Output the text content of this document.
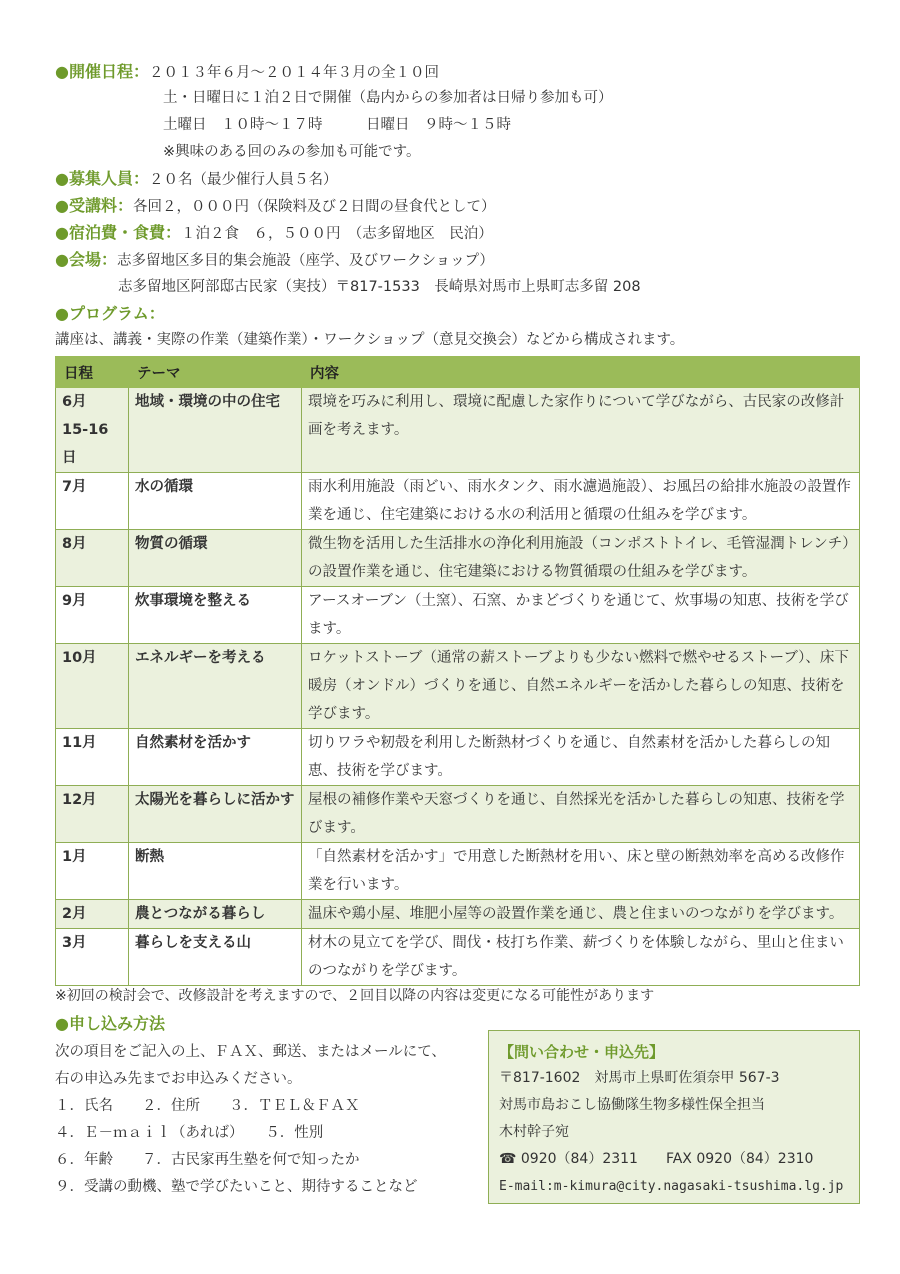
●開催日程：２０１３年６月～２０１４年３月の全１０回
土・日曜日に１泊２日で開催（島内からの参加者は日帰り参加も可）
土曜日　１０時～１７時　　　日曜日　９時～１５時
※興味のある回のみの参加も可能です。
●募集人員：２０名（最少催行人員５名）
●受講料：各回２，０００円（保険料及び２日間の昼食代として）
●宿泊費・食費：１泊２食　６，５００円　（志多留地区　民泊）
●会場：志多留地区多目的集会施設（座学、及びワークショップ）
志多留地区阿部邸古民家（実技）〒817-1533　長崎県対馬市上県町志多留 208
●プログラム：
講座は、講義・実際の作業（建築作業）・ワークショップ（意見交換会）などから構成されます。
日程	テーマ	内容
6月
15-16日	地域・環境の中の住宅	環境を巧みに利用し、環境に配慮した家作りについて学びながら、古民家の改修計画を考えます。
7月	水の循環	雨水利用施設（雨どい、雨水タンク、雨水濾過施設）、お風呂の給排水施設の設置作業を通じ、住宅建築における水の利活用と循環の仕組みを学びます。
8月	物質の循環	微生物を活用した生活排水の浄化利用施設（コンポストトイレ、毛管湿潤トレンチ）の設置作業を通じ、住宅建築における物質循環の仕組みを学びます。
9月	炊事環境を整える	アースオーブン（土窯）、石窯、かまどづくりを通じて、炊事場の知恵、技術を学びます。
10月	エネルギーを考える	ロケットストーブ（通常の薪ストーブよりも少ない燃料で燃やせるストーブ）、床下暖房（オンドル）づくりを通じ、自然エネルギーを活かした暮らしの知恵、技術を学びます。
11月	自然素材を活かす	切りワラや籾殻を利用した断熱材づくりを通じ、自然素材を活かした暮らしの知恵、技術を学びます。
12月	太陽光を暮らしに活かす	屋根の補修作業や天窓づくりを通じ、自然採光を活かした暮らしの知恵、技術を学びます。
1月	断熱	「自然素材を活かす」で用意した断熱材を用い、床と壁の断熱効率を高める改修作業を行います。
2月	農とつながる暮らし	温床や鶏小屋、堆肥小屋等の設置作業を通じ、農と住まいのつながりを学びます。
3月	暮らしを支える山	材木の見立てを学び、間伐・枝打ち作業、薪づくりを体験しながら、里山と住まいのつながりを学びます。
※初回の検討会で、改修設計を考えますので、２回目以降の内容は変更になる可能性があります
●申し込み方法
次の項目をご記入の上、ＦＡＸ、郵送、またはメールにて、
右の申込み先までお申込みください。
１．氏名　　２．住所　　３．ＴＥＬ＆ＦＡＸ
４．Ｅ－ｍａｉｌ（あれば）　　５．性別
６．年齢　　７．古民家再生塾を何で知ったか
９．受講の動機、塾で学びたいこと、期待することなど
【問い合わせ・申込先】
〒817-1602　対馬市上県町佐須奈甲 567-3
対馬市島おこし協働隊生物多様性保全担当
木村幹子宛
☎ 0920（84）2311　　FAX 0920（84）2310
E-mail:m-kimura@city.nagasaki-tsushima.lg.jp
